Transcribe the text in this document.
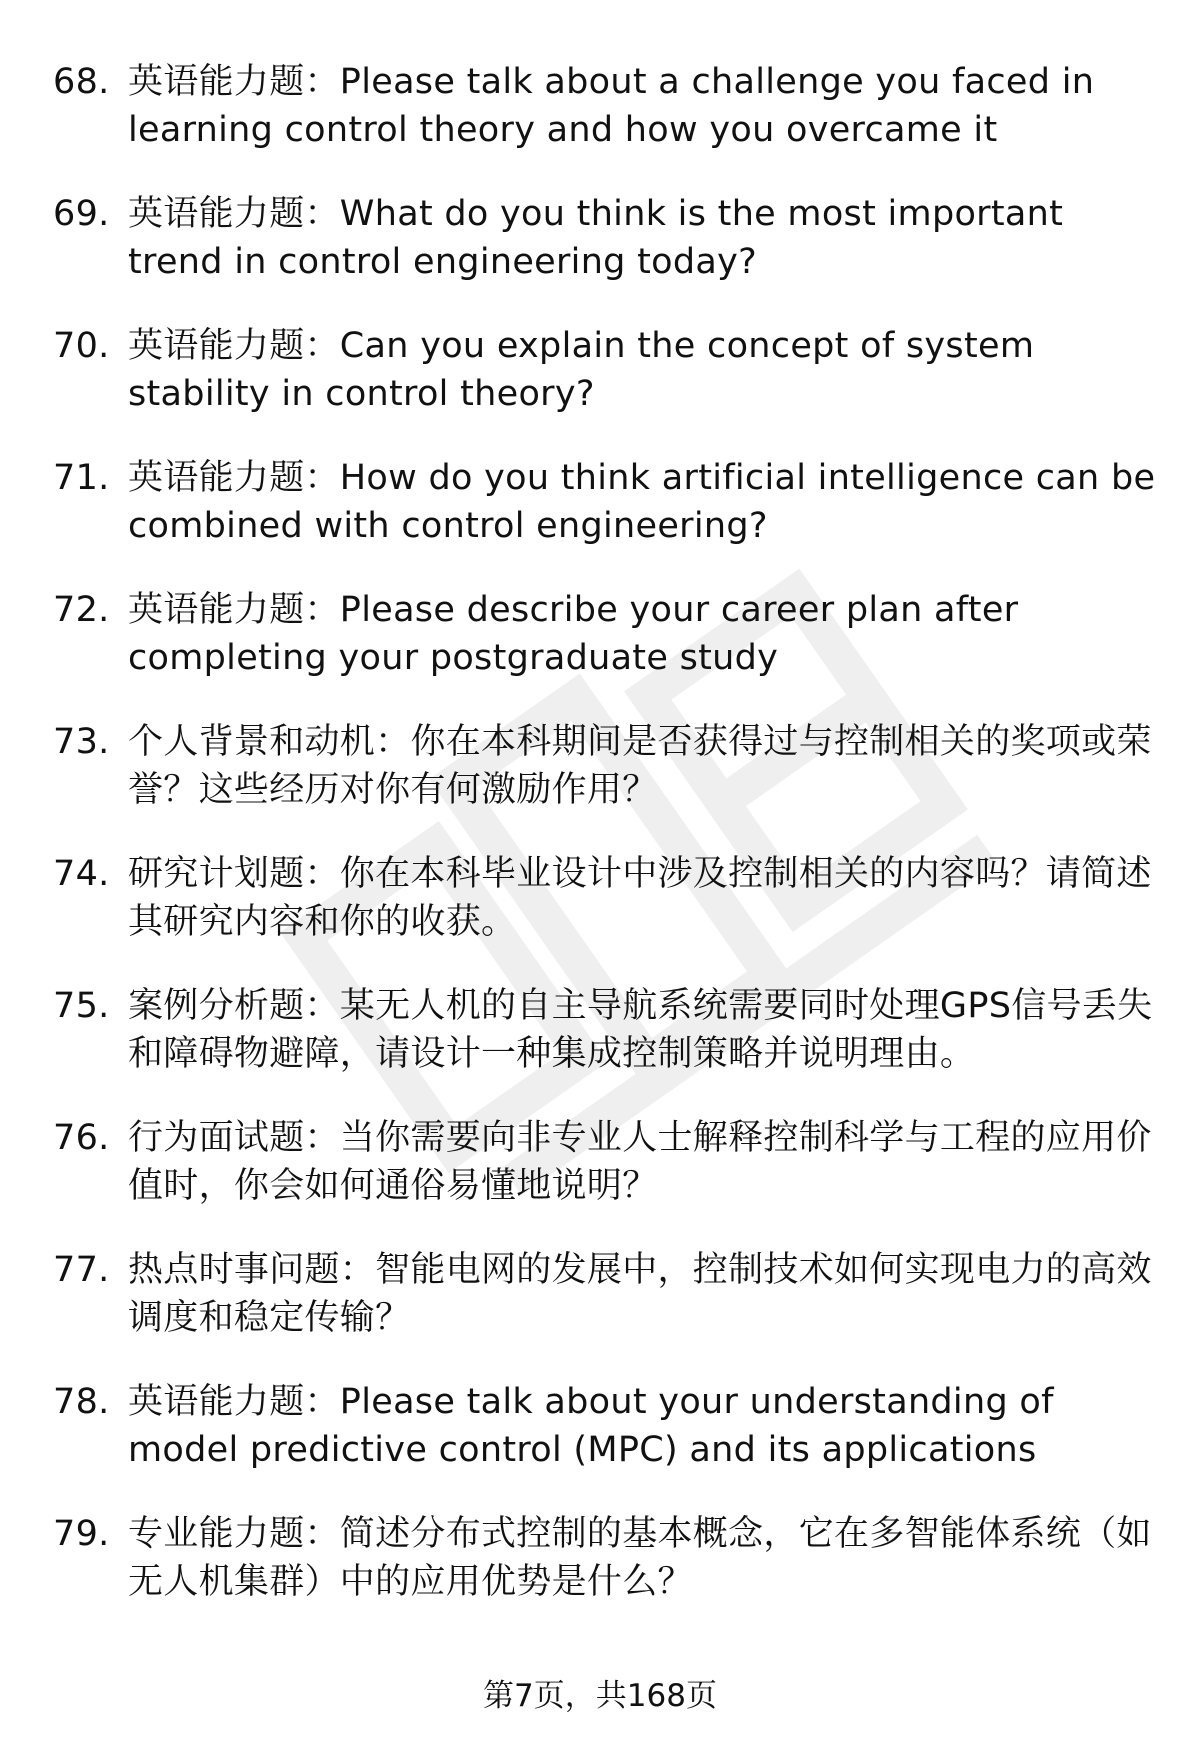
68. 英语能力题：Please talk about a challenge you faced in learning control theory and how you overcame it
69. 英语能力题：What do you think is the most important trend in control engineering today?
70. 英语能力题：Can you explain the concept of system stability in control theory?
71. 英语能力题：How do you think artificial intelligence can be combined with control engineering?
72. 英语能力题：Please describe your career plan after completing your postgraduate study
73. 个人背景和动机：你在本科期间是否获得过与控制相关的奖项或荣誉？这些经历对你有何激励作用？
74. 研究计划题：你在本科毕业设计中涉及控制相关的内容吗？请简述其研究内容和你的收获。
75. 案例分析题：某无人机的自主导航系统需要同时处理GPS信号丢失和障碍物避障，请设计一种集成控制策略并说明理由。
76. 行为面试题：当你需要向非专业人士解释控制科学与工程的应用价值时，你会如何通俗易懂地说明？
77. 热点时事问题：智能电网的发展中，控制技术如何实现电力的高效调度和稳定传输？
78. 英语能力题：Please talk about your understanding of model predictive control (MPC) and its applications
79. 专业能力题：简述分布式控制的基本概念，它在多智能体系统（如无人机集群）中的应用优势是什么？
第7页，共168页
